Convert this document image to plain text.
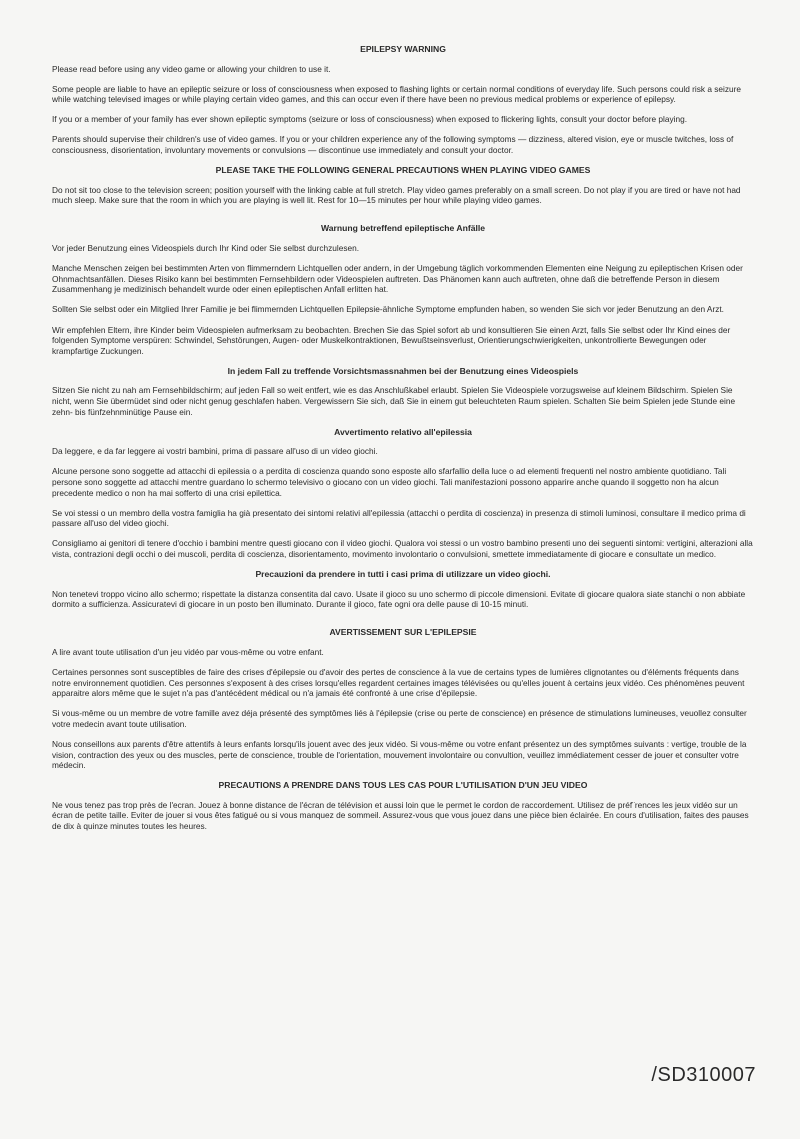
EPILEPSY WARNING

Please read before using any video game or allowing your children to use it.

Some people are liable to have an epileptic seizure or loss of consciousness when exposed to flashing lights or certain normal conditions of everyday life. Such persons could risk a seizure while watching televised images or while playing certain video games, and this can occur even if there have been no previous medical problems or experience of epilepsy.

If you or a member of your family has ever shown epileptic symptoms (seizure or loss of consciousness) when exposed to flickering lights, consult your doctor before playing.

Parents should supervise their children's use of video games. If you or your children experience any of the following symptoms — dizziness, altered vision, eye or muscle twitches, loss of
consciousness, disorientation, involuntary movements or convulsions — discontinue use immediately and consult your doctor.

PLEASE TAKE THE FOLLOWING GENERAL PRECAUTIONS WHEN PLAYING VIDEO GAMES

Do not sit too close to the television screen; position yourself with the linking cable at full stretch. Play video games preferably on a small screen. Do not play if you are tired or have not had much sleep. Make sure that the room in which you are playing is well lit. Rest for 10—15 minutes per hour while playing video games.

Warnung betreffend epileptische Anfälle

Vor jeder Benutzung eines Videospiels durch Ihr Kind oder Sie selbst durchzulesen.

Manche Menschen zeigen bei bestimmten Arten von flimmerndern Lichtquellen oder andern, in der Umgebung täglich vorkommenden Elementen eine Neigung zu epileptischen Krisen oder Ohnmachtsanfällen. Dieses Risiko kann bei bestimmten Fernsehbildern oder Videospielen auftreten. Das Phänomen kann auch auftreten, ohne daß die betreffende Person in diesem Zusammenhang je medizinisch behandelt wurde oder einen epileptischen Anfall erlitten hat.

Sollten Sie selbst oder ein Mitglied Ihrer Familie je bei flimmernden Lichtquellen Epilepsie-ähnliche Symptome empfunden haben, so wenden Sie sich vor jeder Benutzung an den Arzt.

Wir empfehlen Eltern, ihre Kinder beim Videospielen aufmerksam zu beobachten. Brechen Sie das Spiel sofort ab und konsultieren Sie einen Arzt, falls Sie selbst oder Ihr Kind eines der folgenden Symptome verspüren: Schwindel, Sehstörungen, Augen- oder Muskelkontraktionen, Bewußtseinsverlust, Orientierungschwierigkeiten, unkontrollierte Bewegungen oder krampfartige Zuckungen.

In jedem Fall zu treffende Vorsichtsmassnahmen bei der Benutzung eines Videospiels

Sitzen Sie nicht zu nah am Fernsehbildschirm; auf jeden Fall so weit entfert, wie es das Anschlußkabel erlaubt. Spielen Sie Videospiele vorzugsweise auf kleinem Bildschirm. Spielen Sie nicht, wenn Sie übermüdet sind oder nicht genug geschlafen haben. Vergewissern Sie sich, daß Sie in einem gut beleuchteten Raum spielen. Schalten Sie beim Spielen jede Stunde eine zehn- bis fünfzehnminütige Pause ein.

Avvertimento relativo all'epilessia

Da leggere, e da far leggere ai vostri bambini, prima di passare all'uso di un video giochi.

Alcune persone sono soggette ad attacchi di epilessia o a perdita di coscienza quando sono esposte allo sfarfallio della luce o ad elementi frequenti nel nostro ambiente quotidiano. Tali persone sono soggette ad attacchi mentre guardano lo schermo televisivo o giocano con un video giochi. Tali manifestazioni possono apparire anche quando il soggetto non ha alcun precedente medico o non ha mai sofferto di una crisi epilettica.

Se voi stessi o un membro della vostra famiglia ha già presentato dei sintomi relativi all'epilessia (attacchi o perdita di coscienza) in presenza di stimoli luminosi, consultare il medico prima di
passare all'uso del video giochi.

Consigliamo ai genitori di tenere d'occhio i bambini mentre questi giocano con il video giochi. Qualora voi stessi o un vostro bambino presenti uno dei seguenti sintomi: vertigini, alterazioni alla vista, contrazioni degli occhi o dei muscoli, perdita di coscienza, disorientamento, movimento involontario o convulsioni, smettete immediatamente di giocare e consultate un medico.

Precauzioni da prendere in tutti i casi prima di utilizzare un video giochi.

Non tenetevi troppo vicino allo schermo; rispettate la distanza consentita dal cavo. Usate il gioco su uno schermo di piccole dimensioni. Evitate di giocare qualora siate stanchi o non abbiate
dormito a sufficienza. Assicuratevi di giocare in un posto ben illuminato. Durante il gioco, fate ogni ora delle pause di 10-15 minuti.

AVERTISSEMENT SUR L'EPILEPSIE

A lire avant toute utilisation d'un jeu vidéo par vous-même ou votre enfant.

Certaines personnes sont susceptibles de faire des crises d'épilepsie ou d'avoir des pertes de conscience à la vue de certains types de lumières clignotantes ou d'éléments fréquents dans notre environnement quotidien. Ces personnes s'exposent à des crises lorsqu'elles regardent certaines images télévisées ou qu'elles jouent à certains jeux vidéo. Ces phénomènes peuvent apparaitre alors même que le sujet n'a pas d'antécédent médical ou n'a jamais été confronté à une crise d'épilepsie.

Si vous-même ou un membre de votre famille avez déja présenté des symptômes liés à l'épilepsie (crise ou perte de conscience) en présence de stimulations lumineuses, veuollez consulter votre medecin avant toute utilisation.

Nous conseillons aux parents d'être attentifs à leurs enfants lorsqu'ils jouent avec des jeux vidéo. Si vous-même ou votre enfant présentez un des symptômes suivants : vertige, trouble de la vision, contraction des yeux ou des muscles, perte de conscience, trouble de l'orientation, mouvement involontaire ou convultion, veuillez immédiatement cesser de jouer et consulter votre médecin.

PRECAUTIONS A PRENDRE DANS TOUS LES CAS POUR L'UTILISATION D'UN JEU VIDEO

Ne vous tenez pas trop près de l'ecran. Jouez à bonne distance de l'écran de télévision et aussi loin que le permet le cordon de raccordement. Utilisez de préf¨rences les jeux vidéo sur un écran de petite taille. Eviter de jouer si vous êtes fatigué ou si vous manquez de sommeil. Assurez-vous que vous jouez dans une pièce bien éclairée. En cours d'utilisation, faites des pauses de dix à quinze minutes toutes les heures.

/SD310007
